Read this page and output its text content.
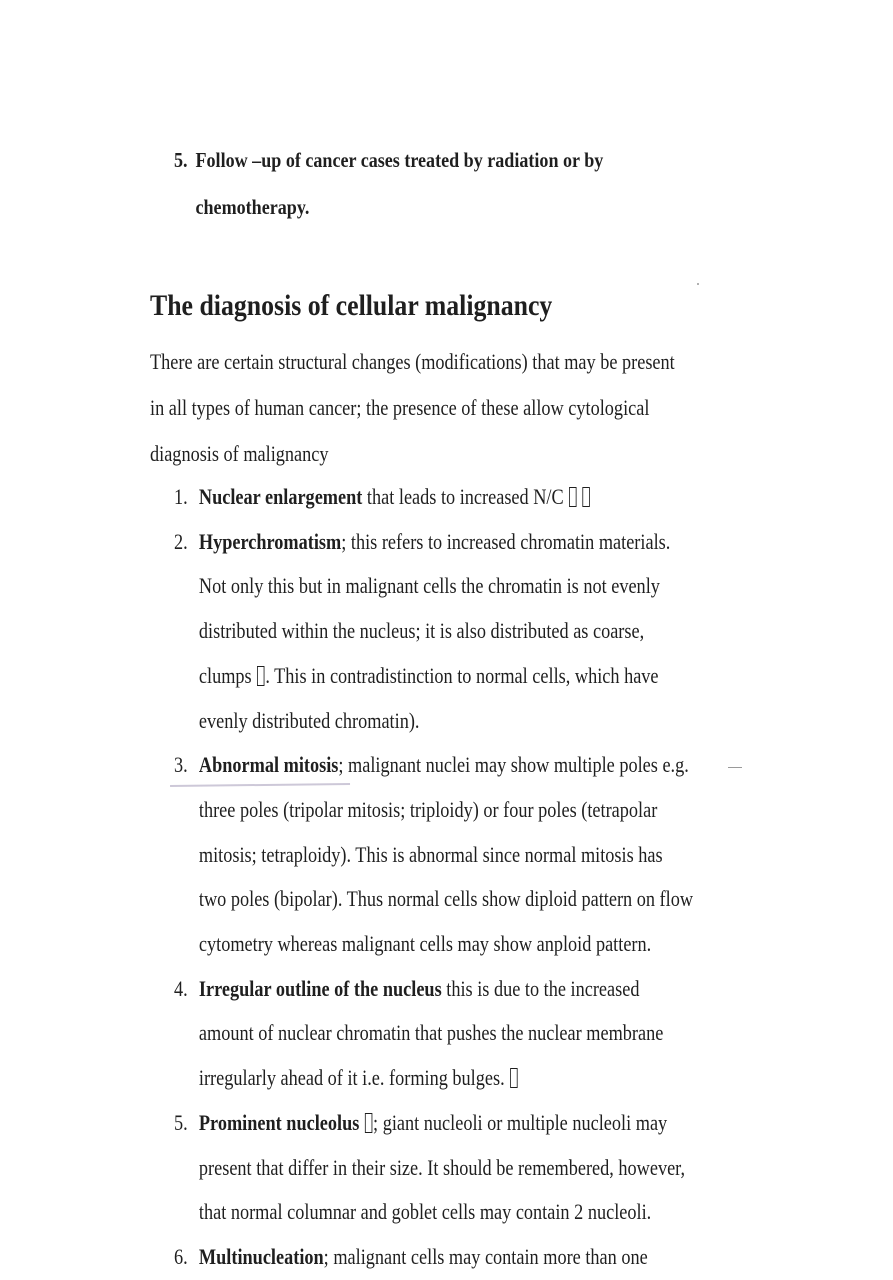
5. Follow –up of cancer cases treated by radiation or by
chemotherapy.
The diagnosis of cellular malignancy
There are certain structural changes (modifications) that may be present
in all types of human cancer; the presence of these allow cytological
diagnosis of malignancy
1. Nuclear enlargement that leads to increased N/C
2. Hyperchromatism; this refers to increased chromatin materials.
Not only this but in malignant cells the chromatin is not evenly
distributed within the nucleus; it is also distributed as coarse,
clumps . This in contradistinction to normal cells, which have
evenly distributed chromatin).
3. Abnormal mitosis; malignant nuclei may show multiple poles e.g.
three poles (tripolar mitosis; triploidy) or four poles (tetrapolar
mitosis; tetraploidy). This is abnormal since normal mitosis has
two poles (bipolar). Thus normal cells show diploid pattern on flow
cytometry whereas malignant cells may show anploid pattern.
4. Irregular outline of the nucleus this is due to the increased
amount of nuclear chromatin that pushes the nuclear membrane
irregularly ahead of it i.e. forming bulges.
5. Prominent nucleolus ; giant nucleoli or multiple nucleoli may
present that differ in their size. It should be remembered, however,
that normal columnar and goblet cells may contain 2 nucleoli.
6. Multinucleation; malignant cells may contain more than one
